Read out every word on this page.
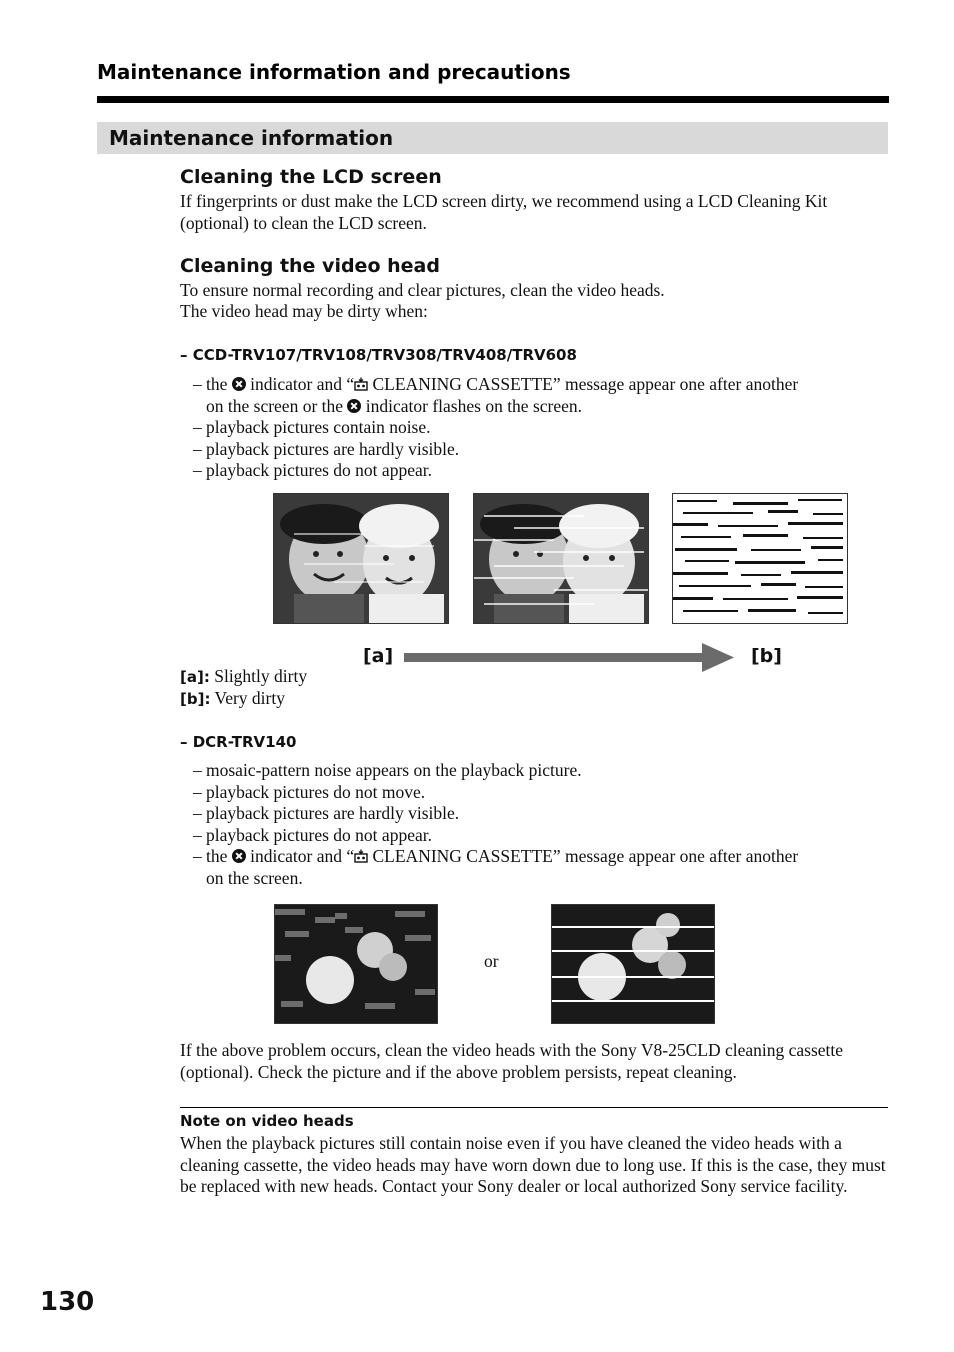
Maintenance information and precautions
Maintenance information
Cleaning the LCD screen
If fingerprints or dust make the LCD screen dirty, we recommend using a LCD Cleaning Kit (optional) to clean the LCD screen.
Cleaning the video head
To ensure normal recording and clear pictures, clean the video heads.
The video head may be dirty when:
– CCD-TRV107/TRV108/TRV308/TRV408/TRV608
– the indicator and “ CLEANING CASSETTE” message appear one after another
on the screen or the indicator flashes on the screen.
– playback pictures contain noise.
– playback pictures are hardly visible.
– playback pictures do not appear.
[a]	[b]
[a]: Slightly dirty
[b]: Very dirty
– DCR-TRV140
– mosaic-pattern noise appears on the playback picture.
– playback pictures do not move.
– playback pictures are hardly visible.
– playback pictures do not appear.
– the indicator and “ CLEANING CASSETTE” message appear one after another
on the screen.
or
If the above problem occurs, clean the video heads with the Sony V8-25CLD cleaning cassette (optional). Check the picture and if the above problem persists, repeat cleaning.
Note on video heads
When the playback pictures still contain noise even if you have cleaned the video heads with a cleaning cassette, the video heads may have worn down due to long use. If this is the case, they must be replaced with new heads. Contact your Sony dealer or local authorized Sony service facility.
130
